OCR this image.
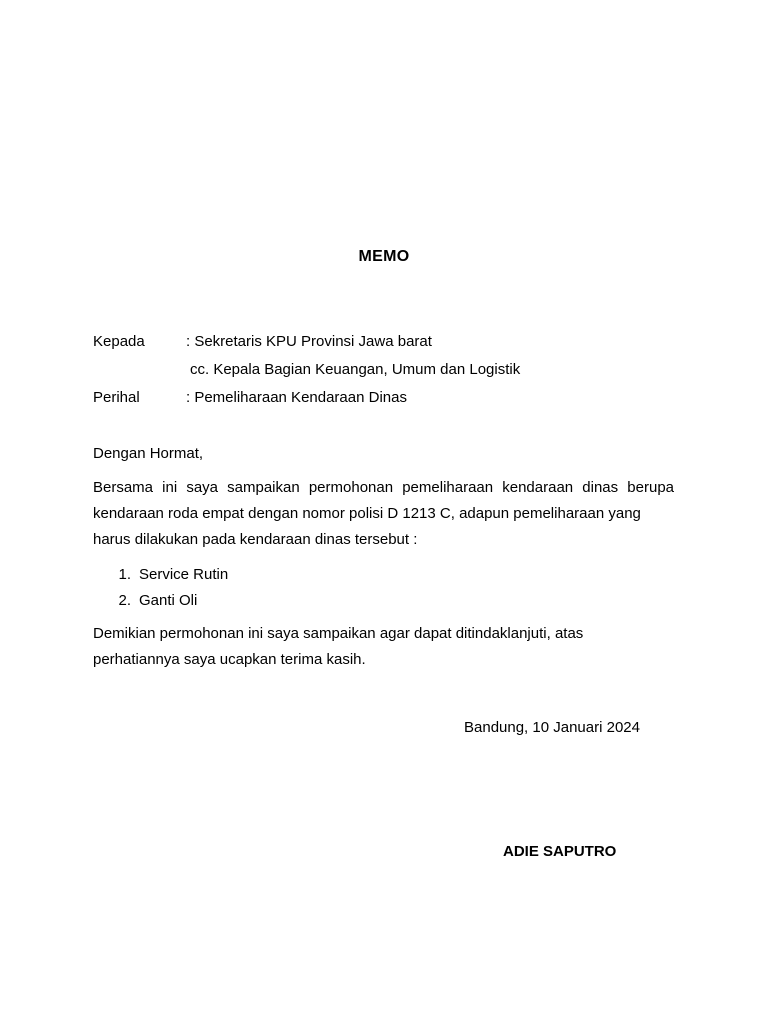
MEMO
Kepada	: Sekretaris KPU Provinsi Jawa barat
cc. Kepala Bagian Keuangan, Umum dan Logistik
Perihal	: Pemeliharaan Kendaraan Dinas
Dengan Hormat,
Bersama ini saya sampaikan permohonan pemeliharaan kendaraan dinas berupa kendaraan roda empat dengan nomor polisi D 1213 C, adapun pemeliharaan yang
harus dilakukan pada kendaraan dinas tersebut :
1. Service Rutin
2. Ganti Oli
Demikian permohonan ini saya sampaikan agar dapat ditindaklanjuti, atas
perhatiannya saya ucapkan terima kasih.
Bandung, 10 Januari 2024
ADIE SAPUTRO
